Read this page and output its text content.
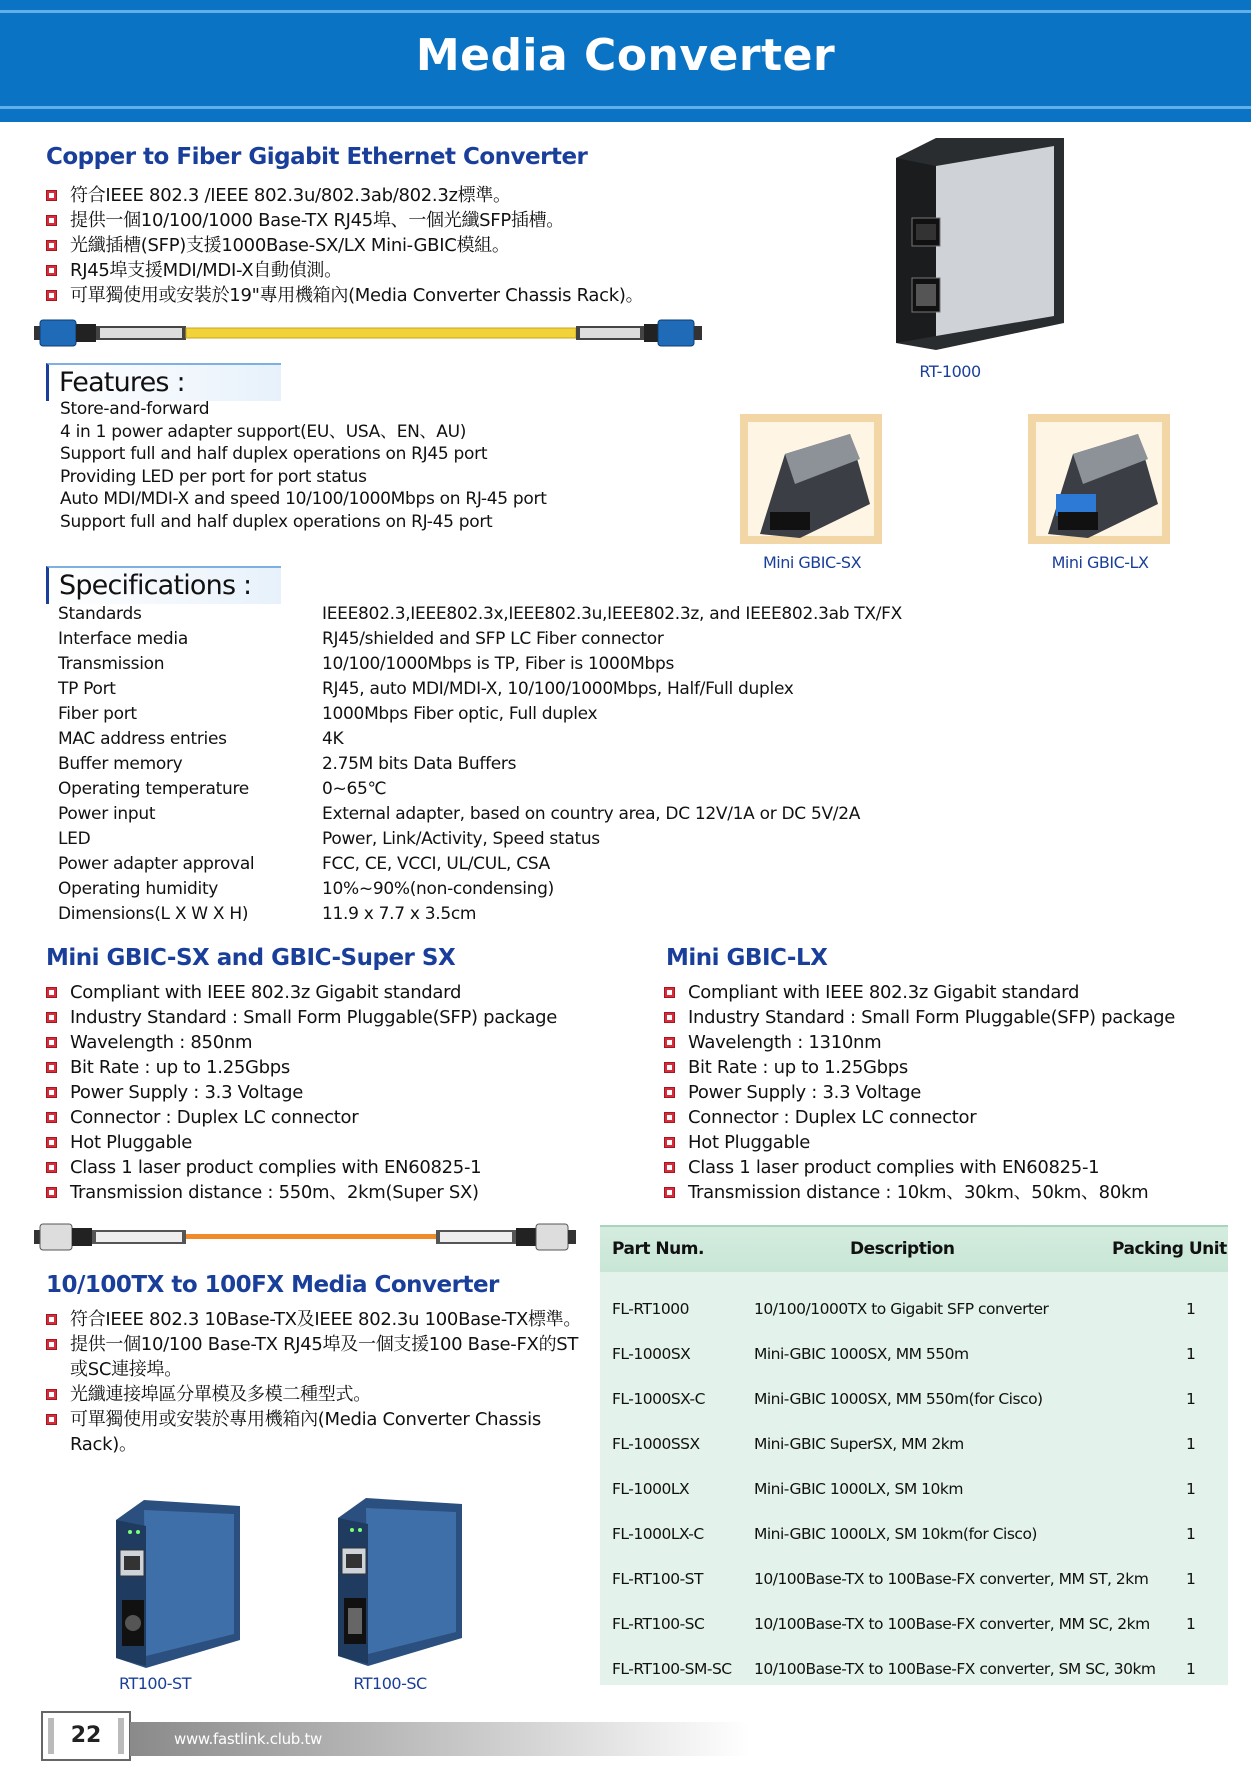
Media Converter
Copper to Fiber Gigabit Ethernet Converter
符合IEEE 802.3 /IEEE 802.3u/802.3ab/802.3z標準。
提供一個10/100/1000 Base-TX RJ45埠、一個光纖SFP插槽。
光纖插槽(SFP)支援1000Base-SX/LX Mini-GBIC模組。
RJ45埠支援MDI/MDI-X自動偵測。
可單獨使用或安裝於19"專用機箱內(Media Converter Chassis Rack)。
RT-1000
Mini GBIC-SX	Mini GBIC-LX
Features :
Store-and-forward
4 in 1 power adapter support(EU、USA、EN、AU)
Support full and half duplex operations on RJ45 port
Providing LED per port for port status
Auto MDI/MDI-X and speed 10/100/1000Mbps on RJ-45 port
Support full and half duplex operations on RJ-45 port
Specifications :
Standards	IEEE802.3,IEEE802.3x,IEEE802.3u,IEEE802.3z, and IEEE802.3ab TX/FX
Interface media	RJ45/shielded and SFP LC Fiber connector
Transmission	10/100/1000Mbps is TP, Fiber is 1000Mbps
TP Port	RJ45, auto MDI/MDI-X, 10/100/1000Mbps, Half/Full duplex
Fiber port	1000Mbps Fiber optic, Full duplex
MAC address entries	4K
Buffer memory	2.75M bits Data Buffers
Operating temperature	0~65℃
Power input	External adapter, based on country area, DC 12V/1A or DC 5V/2A
LED	Power, Link/Activity, Speed status
Power adapter approval	FCC, CE, VCCI, UL/CUL, CSA
Operating humidity	10%~90%(non-condensing)
Dimensions(L X W X H)	11.9 x 7.7 x 3.5cm
Mini GBIC-SX and GBIC-Super SX
Compliant with IEEE 802.3z Gigabit standard
Industry Standard : Small Form Pluggable(SFP) package
Wavelength : 850nm
Bit Rate : up to 1.25Gbps
Power Supply : 3.3 Voltage
Connector : Duplex LC connector
Hot Pluggable
Class 1 laser product complies with EN60825-1
Transmission distance : 550m、2km(Super SX)
Mini GBIC-LX
Compliant with IEEE 802.3z Gigabit standard
Industry Standard : Small Form Pluggable(SFP) package
Wavelength : 1310nm
Bit Rate : up to 1.25Gbps
Power Supply : 3.3 Voltage
Connector : Duplex LC connector
Hot Pluggable
Class 1 laser product complies with EN60825-1
Transmission distance : 10km、30km、50km、80km
10/100TX to 100FX Media Converter
符合IEEE 802.3 10Base-TX及IEEE 802.3u 100Base-TX標準。
提供一個10/100 Base-TX RJ45埠及一個支援100 Base-FX的ST或SC連接埠。
光纖連接埠區分單模及多模二種型式。
可單獨使用或安裝於專用機箱內(Media Converter Chassis Rack)。
RT100-ST	RT100-SC
Part Num.	Description	Packing Unit
FL-RT1000	10/100/1000TX to Gigabit SFP converter	1
FL-1000SX	Mini-GBIC 1000SX, MM 550m	1
FL-1000SX-C	Mini-GBIC 1000SX, MM 550m(for Cisco)	1
FL-1000SSX	Mini-GBIC SuperSX, MM 2km	1
FL-1000LX	Mini-GBIC 1000LX, SM 10km	1
FL-1000LX-C	Mini-GBIC 1000LX, SM 10km(for Cisco)	1
FL-RT100-ST	10/100Base-TX to 100Base-FX converter, MM ST, 2km 1
FL-RT100-SC	10/100Base-TX to 100Base-FX converter, MM SC, 2km 1
FL-RT100-SM-SC 10/100Base-TX to 100Base-FX converter, SM SC, 30km 1
22	www.fastlink.club.tw
